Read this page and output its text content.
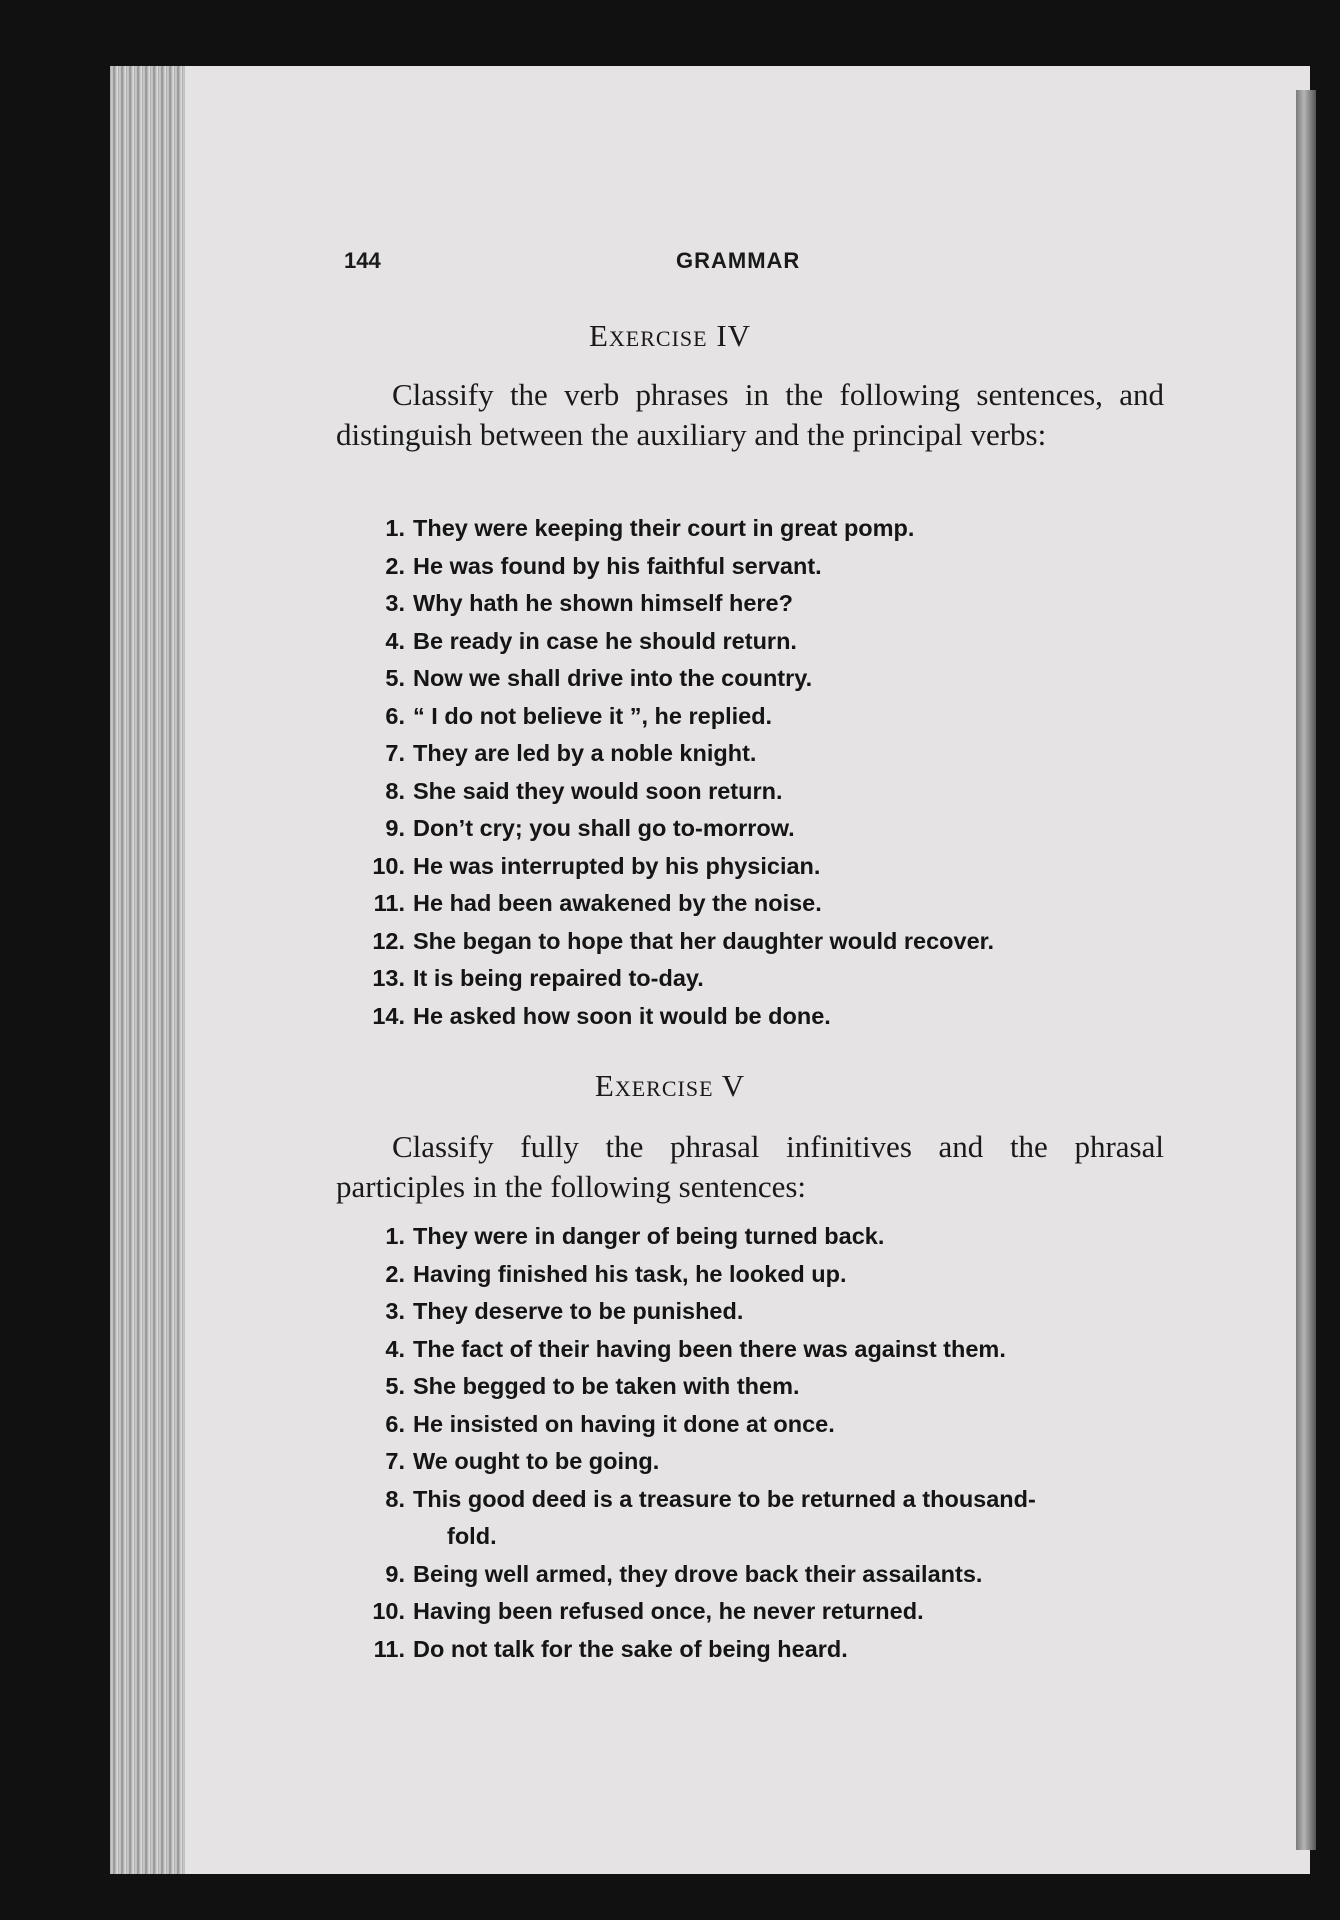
144	GRAMMAR
Exercise IV
Classify the verb phrases in the following sentences, and distinguish between the auxiliary and the principal verbs:
1. They were keeping their court in great pomp.
2. He was found by his faithful servant.
3. Why hath he shown himself here?
4. Be ready in case he should return.
5. Now we shall drive into the country.
6. “ I do not believe it ”, he replied.
7. They are led by a noble knight.
8. She said they would soon return.
9. Don’t cry; you shall go to-morrow.
10. He was interrupted by his physician.
11. He had been awakened by the noise.
12. She began to hope that her daughter would recover.
13. It is being repaired to-day.
14. He asked how soon it would be done.
Exercise V
Classify fully the phrasal infinitives and the phrasal participles in the following sentences:
1. They were in danger of being turned back.
2. Having finished his task, he looked up.
3. They deserve to be punished.
4. The fact of their having been there was against them.
5. She begged to be taken with them.
6. He insisted on having it done at once.
7. We ought to be going.
8. This good deed is a treasure to be returned a thousand-
fold.
9. Being well armed, they drove back their assailants.
10. Having been refused once, he never returned.
11. Do not talk for the sake of being heard.
